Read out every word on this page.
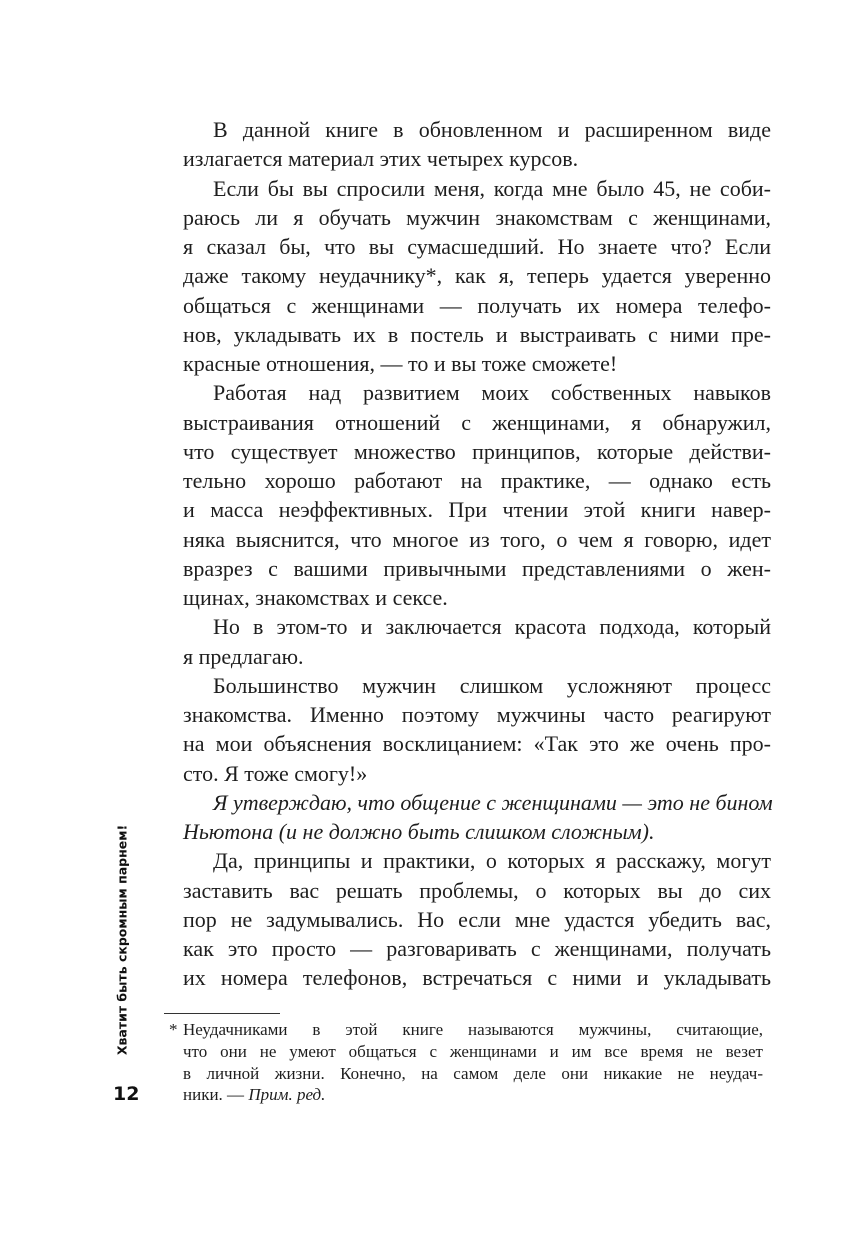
Хватит быть скромным парнем!
12
В данной книге в обновленном и расширенном виде
излагается материал этих четырех курсов.
Если бы вы спросили меня, когда мне было 45, не соби-
раюсь ли я обучать мужчин знакомствам с женщинами,
я сказал бы, что вы сумасшедший. Но знаете что? Если
даже такому неудачнику*, как я, теперь удается уверенно
общаться с женщинами — получать их номера телефо-
нов, укладывать их в постель и выстраивать с ними пре-
красные отношения, — то и вы тоже сможете!
Работая над развитием моих собственных навыков
выстраивания отношений с женщинами, я обнаружил,
что существует множество принципов, которые действи-
тельно хорошо работают на практике, — однако есть
и масса неэффективных. При чтении этой книги навер-
няка выяснится, что многое из того, о чем я говорю, идет
вразрез с вашими привычными представлениями о жен-
щинах, знакомствах и сексе.
Но в этом-то и заключается красота подхода, который
я предлагаю.
Большинство мужчин слишком усложняют процесс
знакомства. Именно поэтому мужчины часто реагируют
на мои объяснения восклицанием: «Так это же очень про-
сто. Я тоже смогу!»
Я утверждаю, что общение с женщинами — это не бином
Ньютона (и не должно быть слишком сложным).
Да, принципы и практики, о которых я расскажу, могут
заставить вас решать проблемы, о которых вы до сих
пор не задумывались. Но если мне удастся убедить вас,
как это просто — разговаривать с женщинами, получать
их номера телефонов, встречаться с ними и укладывать
* Неудачниками в этой книге называются мужчины, считающие,
что они не умеют общаться с женщинами и им все время не везет
в личной жизни. Конечно, на самом деле они никакие не неудач-
ники. — Прим. ред.
